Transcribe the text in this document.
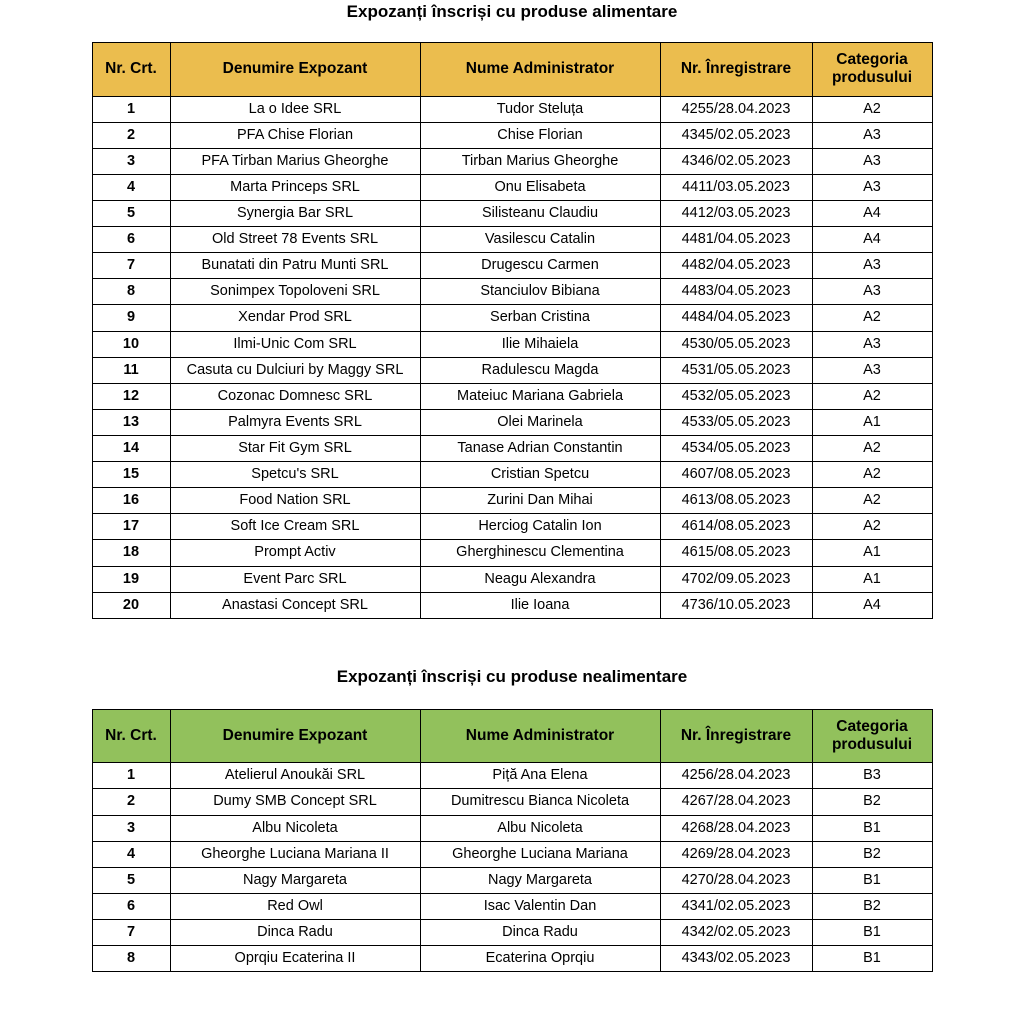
Expozanți înscriși cu produse alimentare
Nr. Crt.	Denumire Expozant	Nume Administrator	Nr. Înregistrare	Categoria produsului
1	La o Idee SRL	Tudor Steluța	4255/28.04.2023	A2
2	PFA Chise Florian	Chise Florian	4345/02.05.2023	A3
3	PFA Tirban Marius Gheorghe	Tirban Marius Gheorghe	4346/02.05.2023	A3
4	Marta Princeps SRL	Onu Elisabeta	4411/03.05.2023	A3
5	Synergia Bar SRL	Silisteanu Claudiu	4412/03.05.2023	A4
6	Old Street 78 Events SRL	Vasilescu Catalin	4481/04.05.2023	A4
7	Bunatati din Patru Munti SRL	Drugescu Carmen	4482/04.05.2023	A3
8	Sonimpex Topoloveni SRL	Stanciulov Bibiana	4483/04.05.2023	A3
9	Xendar Prod SRL	Serban Cristina	4484/04.05.2023	A2
10	Ilmi-Unic Com SRL	Ilie Mihaiela	4530/05.05.2023	A3
11	Casuta cu Dulciuri by Maggy SRL	Radulescu Magda	4531/05.05.2023	A3
12	Cozonac Domnesc SRL	Mateiuc Mariana Gabriela	4532/05.05.2023	A2
13	Palmyra Events SRL	Olei Marinela	4533/05.05.2023	A1
14	Star Fit Gym SRL	Tanase Adrian Constantin	4534/05.05.2023	A2
15	Spetcu's SRL	Cristian Spetcu	4607/08.05.2023	A2
16	Food Nation SRL	Zurini Dan Mihai	4613/08.05.2023	A2
17	Soft Ice Cream SRL	Herciog Catalin Ion	4614/08.05.2023	A2
18	Prompt Activ	Gherghinescu Clementina	4615/08.05.2023	A1
19	Event Parc SRL	Neagu Alexandra	4702/09.05.2023	A1
20	Anastasi Concept SRL	Ilie Ioana	4736/10.05.2023	A4
Expozanți înscriși cu produse nealimentare
Nr. Crt.	Denumire Expozant	Nume Administrator	Nr. Înregistrare	Categoria produsului
1	Atelierul Anoukăi SRL	Piță Ana Elena	4256/28.04.2023	B3
2	Dumy SMB Concept SRL	Dumitrescu Bianca Nicoleta	4267/28.04.2023	B2
3	Albu Nicoleta	Albu Nicoleta	4268/28.04.2023	B1
4	Gheorghe Luciana Mariana II	Gheorghe Luciana Mariana	4269/28.04.2023	B2
5	Nagy Margareta	Nagy Margareta	4270/28.04.2023	B1
6	Red Owl	Isac Valentin Dan	4341/02.05.2023	B2
7	Dinca Radu	Dinca Radu	4342/02.05.2023	B1
8	Oprqiu Ecaterina II	Ecaterina Oprqiu	4343/02.05.2023	B1
